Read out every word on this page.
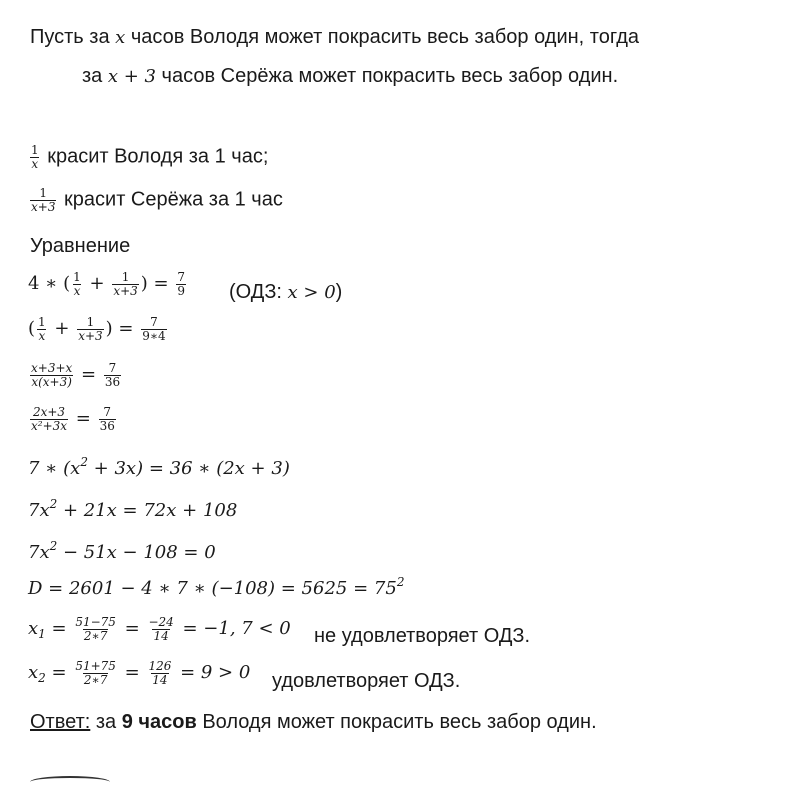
Пусть за x часов Володя может покрасить весь забор один, тогда
за x + 3 часов Серёжа может покрасить весь забор один.
$\frac{1}{x}$ красит Володя за 1 час;
$\frac{1}{x+3}$ красит Серёжа за 1 час
Уравнение
4 ∗ ( $\frac{1}{x} + \frac{1}{x+3}$ ) = $\frac{7}{9} (ОДЗ$: x > 0)
( $\frac{1}{x} + \frac{1}{x+3}$ ) = $\frac{7}{9∗4}$
$\frac{x+3+x}{x(x+3)} = \frac{7}{36}$
$\frac{2x+3}{\text{x²+3x}} = \frac{7}{36}$
7 ∗ $(x^2 + 3x) = 36$ ∗ (2x + 3)
$7x^2 + 21x = 72x + 108$
$7x^2 - 51x - 108 = 0$
D = 2601 − 4 ∗ 7 ∗ $(-108) = 5625 = 75^2$
$x_1 = \frac{51-75}{2∗7} = \frac{-24}{14} = -1$, 7 < 0 не удовлетворяет ОДЗ.
$x_2 = \frac{51+75}{2∗7} = \frac{126}{14} = 9 > 0$ удовлетворяет ОДЗ.
Ответ: за 9 часов Володя может покрасить весь забор один.
